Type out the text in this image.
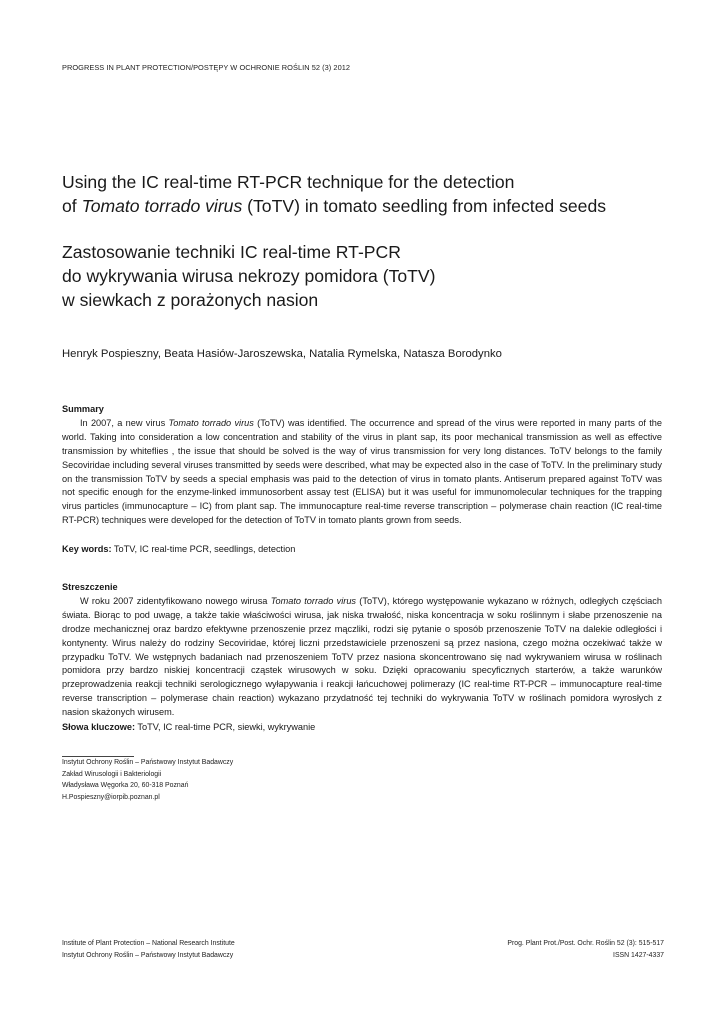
PROGRESS IN PLANT PROTECTION/POSTĘPY W OCHRONIE ROŚLIN 52 (3) 2012
Using the IC real-time RT-PCR technique for the detection
of Tomato torrado virus (ToTV) in tomato seedling from infected seeds
Zastosowanie techniki IC real-time RT-PCR
do wykrywania wirusa nekrozy pomidora (ToTV)
w siewkach z porażonych nasion
Henryk Pospieszny, Beata Hasiów-Jaroszewska, Natalia Rymelska, Natasza Borodynko
Summary

In 2007, a new virus Tomato torrado virus (ToTV) was identified. The occurrence and spread of the virus were reported in many parts of the world. Taking into consideration a low concentration and stability of the virus in plant sap, its poor mechanical transmission as well as effective transmission by whiteflies , the issue that should be solved is the way of virus transmission for very long distances. ToTV belongs to the family Secoviridae including several viruses transmitted by seeds were described, what may be expected also in the case of ToTV. In the preliminary study on the transmission ToTV by seeds a special emphasis was paid to the detection of virus in tomato plants. Antiserum prepared against ToTV was not specific enough for the enzyme-linked immunosorbent assay test (ELISA) but it was useful for immunomolecular techniques for the trapping virus particles (immunocapture – IC) from plant sap. The immunocapture real-time reverse transcription – polymerase chain reaction (IC real-time RT-PCR) techniques were developed for the detection of ToTV in tomato plants grown from seeds.

Key words: ToTV, IC real-time PCR, seedlings, detection
Streszczenie

W roku 2007 zidentyfikowano nowego wirusa Tomato torrado virus (ToTV), którego występowanie wykazano w różnych, odległych częściach świata. Biorąc to pod uwagę, a także takie właściwości wirusa, jak niska trwałość, niska koncentracja w soku roślinnym i słabe przenoszenie na drodze mechanicznej oraz bardzo efektywne przenoszenie przez mączliki, rodzi się pytanie o sposób przenoszenie ToTV na dalekie odległości i kontynenty. Wirus należy do rodziny Secoviridae, której liczni przedstawiciele przenoszeni są przez nasiona, czego można oczekiwać także w przypadku ToTV. We wstępnych badaniach nad przenoszeniem ToTV przez nasiona skoncentrowano się nad wykrywaniem wirusa w roślinach pomidora przy bardzo niskiej koncentracji cząstek wirusowych w soku. Dzięki opracowaniu specyficznych starterów, a także warunków przeprowadzenia reakcji techniki serologicznego wyłapywania i reakcji łańcuchowej polimerazy (IC real-time RT-PCR – immunocapture real-time reverse transcription – polymerase chain reaction) wykazano przydatność tej techniki do wykrywania ToTV w roślinach pomidora wyrosłych z nasion skażonych wirusem.

Słowa kluczowe: ToTV, IC real-time PCR, siewki, wykrywanie
Instytut Ochrony Roślin – Państwowy Instytut Badawczy
Zakład Wirusologii i Bakteriologii
Władysława Węgorka 20, 60-318 Poznań
H.Pospieszny@iorpib.poznan.pl
Institute of Plant Protection – National Research Institute
Instytut Ochrony Roślin – Państwowy Instytut Badawczy
Prog. Plant Prot./Post. Ochr. Roślin 52 (3): 515-517
ISSN 1427-4337
